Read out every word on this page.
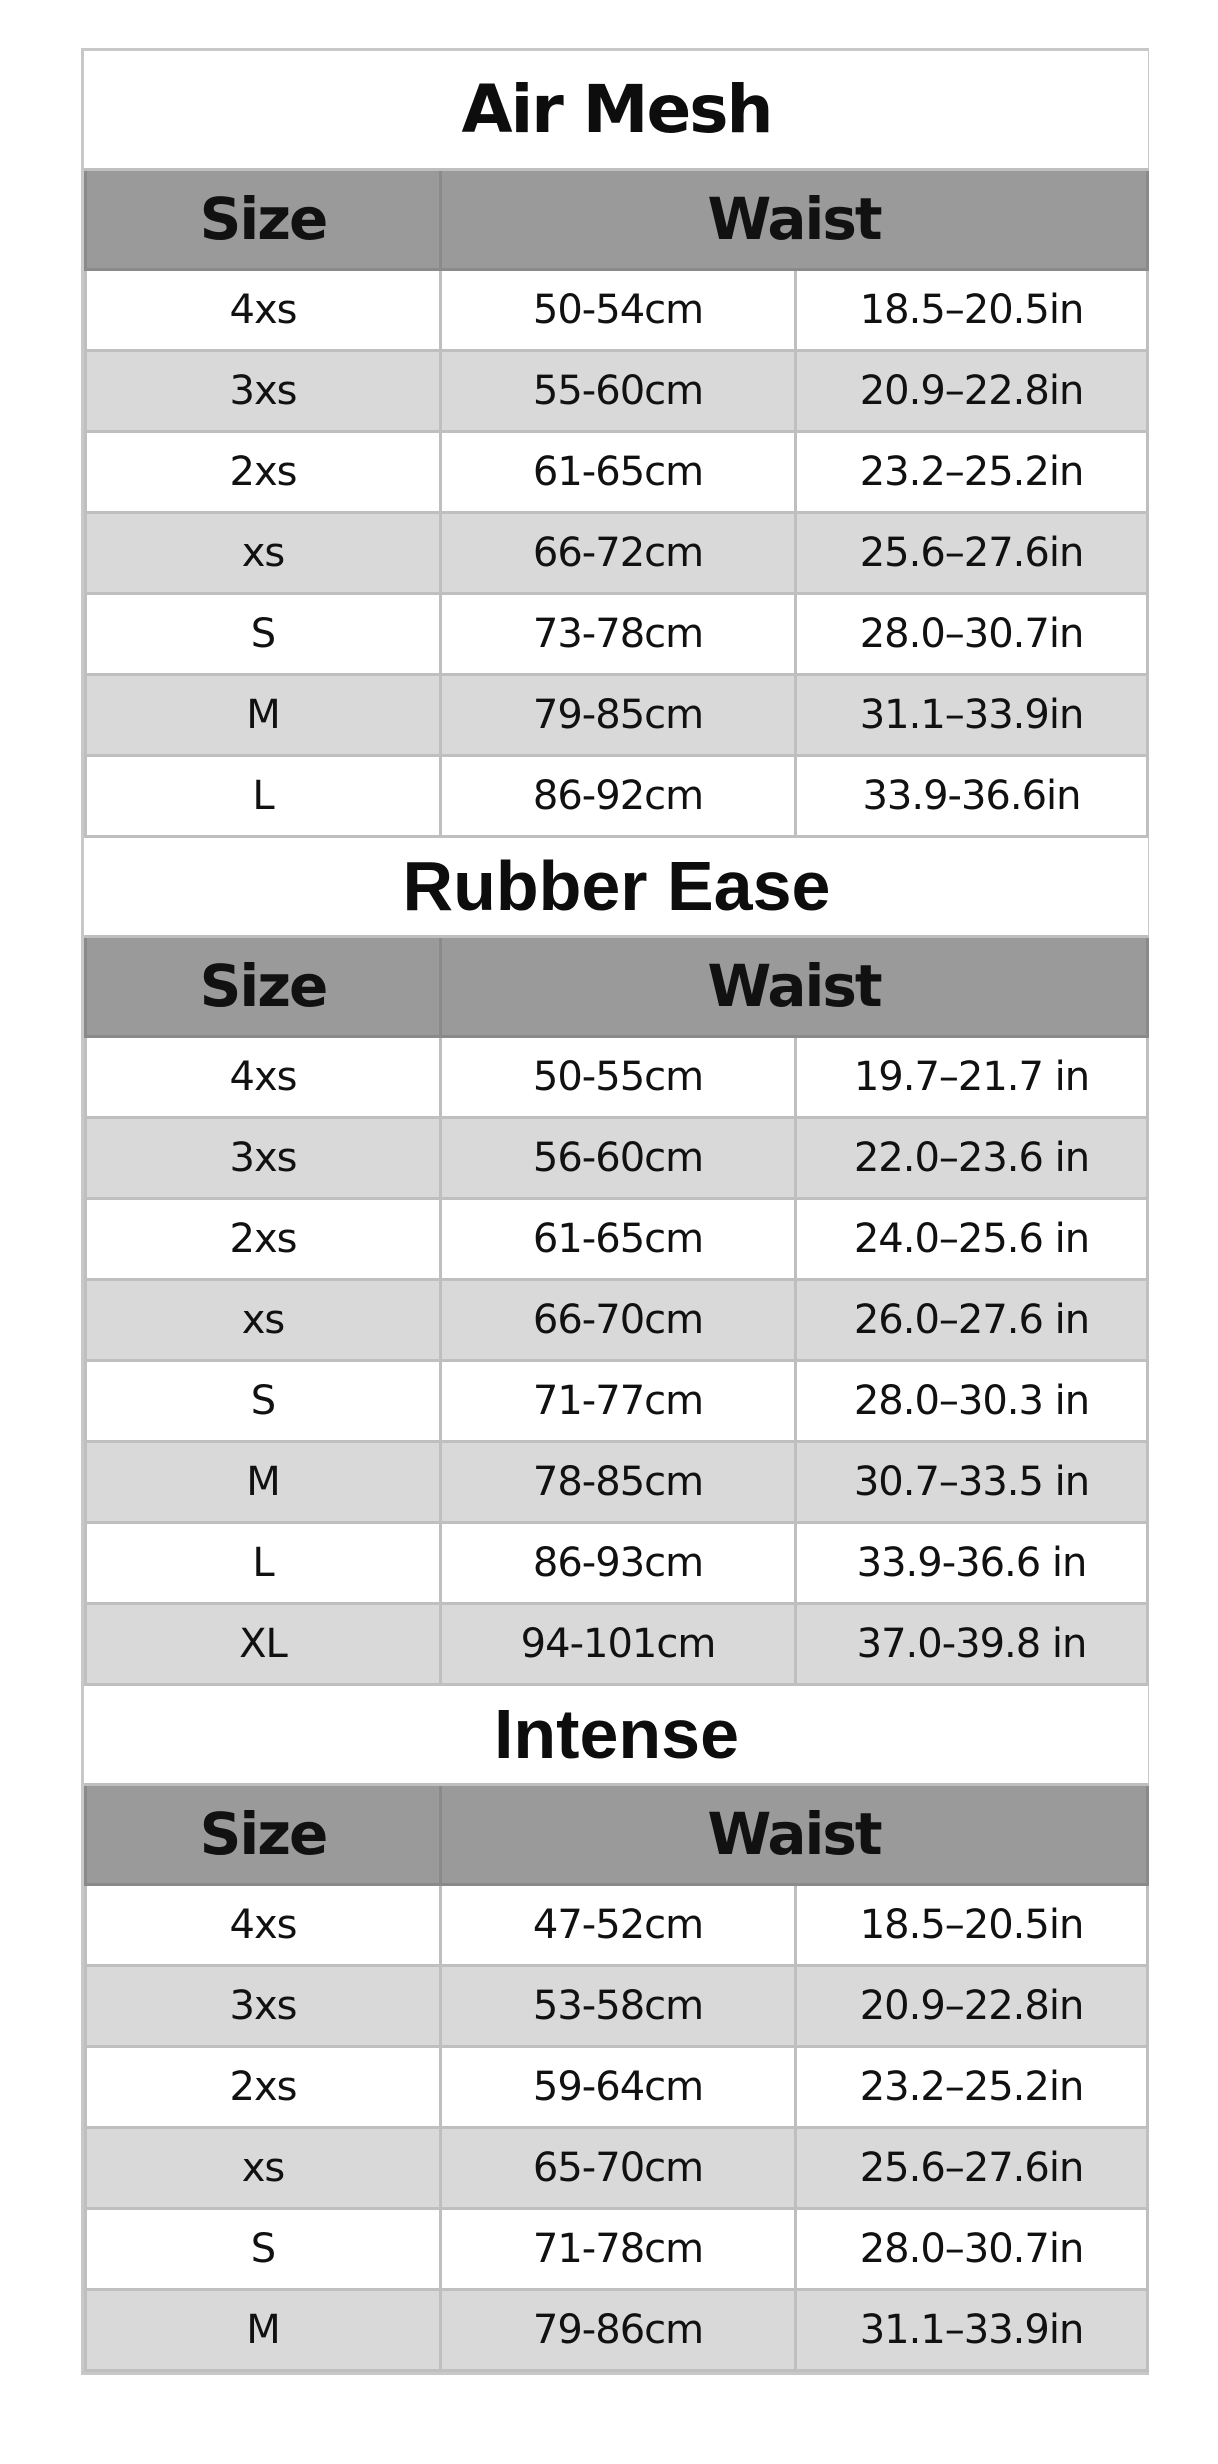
Air Mesh		
Size	Waist	
4xs	50-54cm	18.5–20.5in
3xs	55-60cm	20.9–22.8in
2xs	61-65cm	23.2–25.2in
xs	66-72cm	25.6–27.6in
S	73-78cm	28.0–30.7in
M	79-85cm	31.1–33.9in
L	86-92cm	33.9-36.6in
Rubber Ease		
Size	Waist	
4xs	50-55cm	19.7–21.7 in
3xs	56-60cm	22.0–23.6 in
2xs	61-65cm	24.0–25.6 in
xs	66-70cm	26.0–27.6 in
S	71-77cm	28.0–30.3 in
M	78-85cm	30.7–33.5 in
L	86-93cm	33.9-36.6 in
XL	94-101cm	37.0-39.8 in
Intense		
Size	Waist	
4xs	47-52cm	18.5–20.5in
3xs	53-58cm	20.9–22.8in
2xs	59-64cm	23.2–25.2in
xs	65-70cm	25.6–27.6in
S	71-78cm	28.0–30.7in
M	79-86cm	31.1–33.9in
